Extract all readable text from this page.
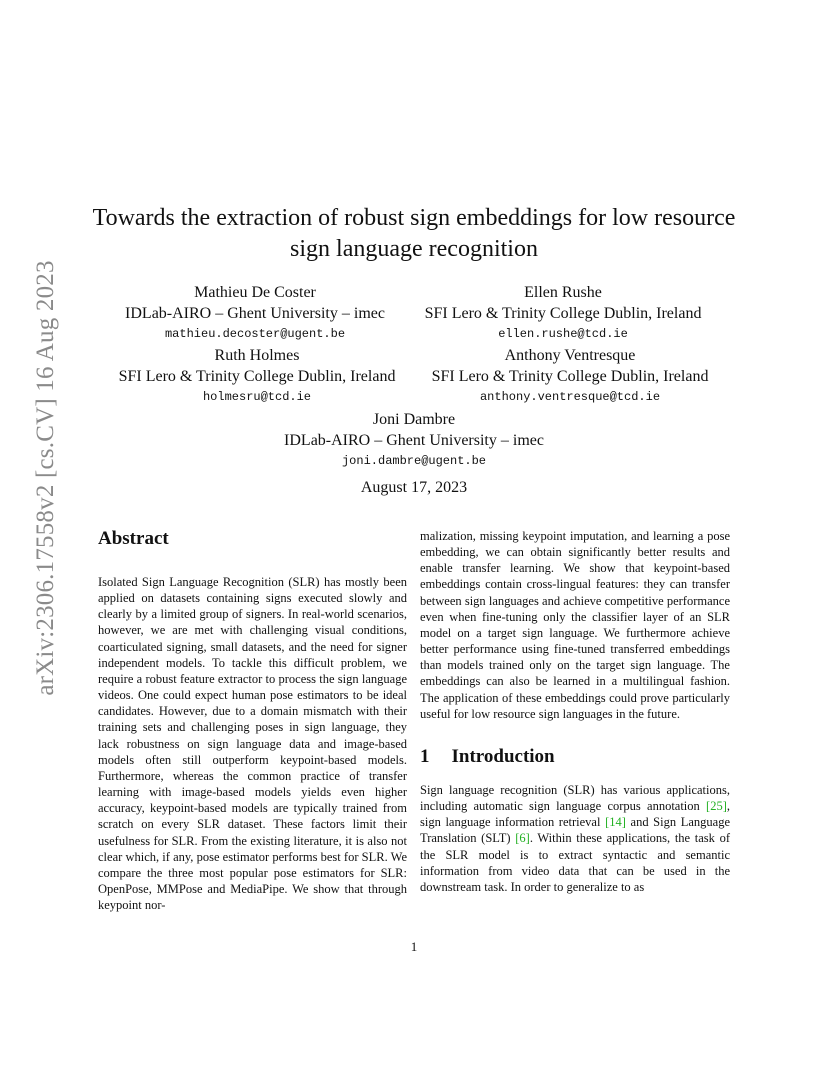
arXiv:2306.17558v2 [cs.CV] 16 Aug 2023
Towards the extraction of robust sign embeddings for low resource sign language recognition
Mathieu De Coster
IDLab-AIRO – Ghent University – imec
mathieu.decoster@ugent.be
Ellen Rushe
SFI Lero & Trinity College Dublin, Ireland
ellen.rushe@tcd.ie
Ruth Holmes
SFI Lero & Trinity College Dublin, Ireland
holmesru@tcd.ie
Anthony Ventresque
SFI Lero & Trinity College Dublin, Ireland
anthony.ventresque@tcd.ie
Joni Dambre
IDLab-AIRO – Ghent University – imec
joni.dambre@ugent.be
August 17, 2023
Abstract

Isolated Sign Language Recognition (SLR) has mostly been applied on datasets containing signs executed slowly and clearly by a limited group of signers. In real-world scenarios, however, we are met with challenging visual conditions, coarticulated signing, small datasets, and the need for signer independent models. To tackle this difficult problem, we require a robust feature extractor to process the sign language videos. One could expect human pose estimators to be ideal candidates. However, due to a domain mismatch with their training sets and challenging poses in sign language, they lack robustness on sign language data and image-based models often still outperform keypoint-based models. Furthermore, whereas the common practice of transfer learning with image-based models yields even higher accuracy, keypoint-based models are typically trained from scratch on every SLR dataset. These factors limit their usefulness for SLR. From the existing literature, it is also not clear which, if any, pose estimator performs best for SLR. We compare the three most popular pose estimators for SLR: OpenPose, MMPose and MediaPipe. We show that through keypoint nor-

malization, missing keypoint imputation, and learning a pose embedding, we can obtain significantly better results and enable transfer learning. We show that keypoint-based embeddings contain cross-lingual features: they can transfer between sign languages and achieve competitive performance even when fine-tuning only the classifier layer of an SLR model on a target sign language. We furthermore achieve better performance using fine-tuned transferred embeddings than models trained only on the target sign language. The embeddings can also be learned in a multilingual fashion. The application of these embeddings could prove particularly useful for low resource sign languages in the future.

1 Introduction

Sign language recognition (SLR) has various applications, including automatic sign language corpus annotation [25], sign language information retrieval [14] and Sign Language Translation (SLT) [6]. Within these applications, the task of the SLR model is to extract syntactic and semantic information from video data that can be used in the downstream task. In order to generalize to as

1
